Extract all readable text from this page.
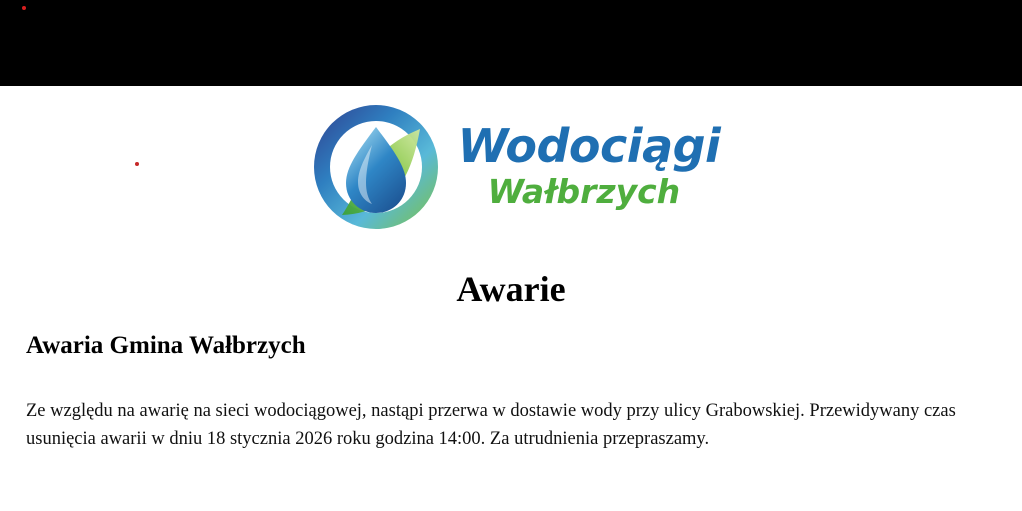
Wodociągi
Wałbrzych
Awarie
Awaria Gmina Wałbrzych

Ze względu na awarię na sieci wodociągowej, nastąpi przerwa w dostawie wody przy ulicy Grabowskiej. Przewidywany czas usunięcia awarii w dniu 18 stycznia 2026 roku godzina 14:00. Za utrudnienia przepraszamy.
